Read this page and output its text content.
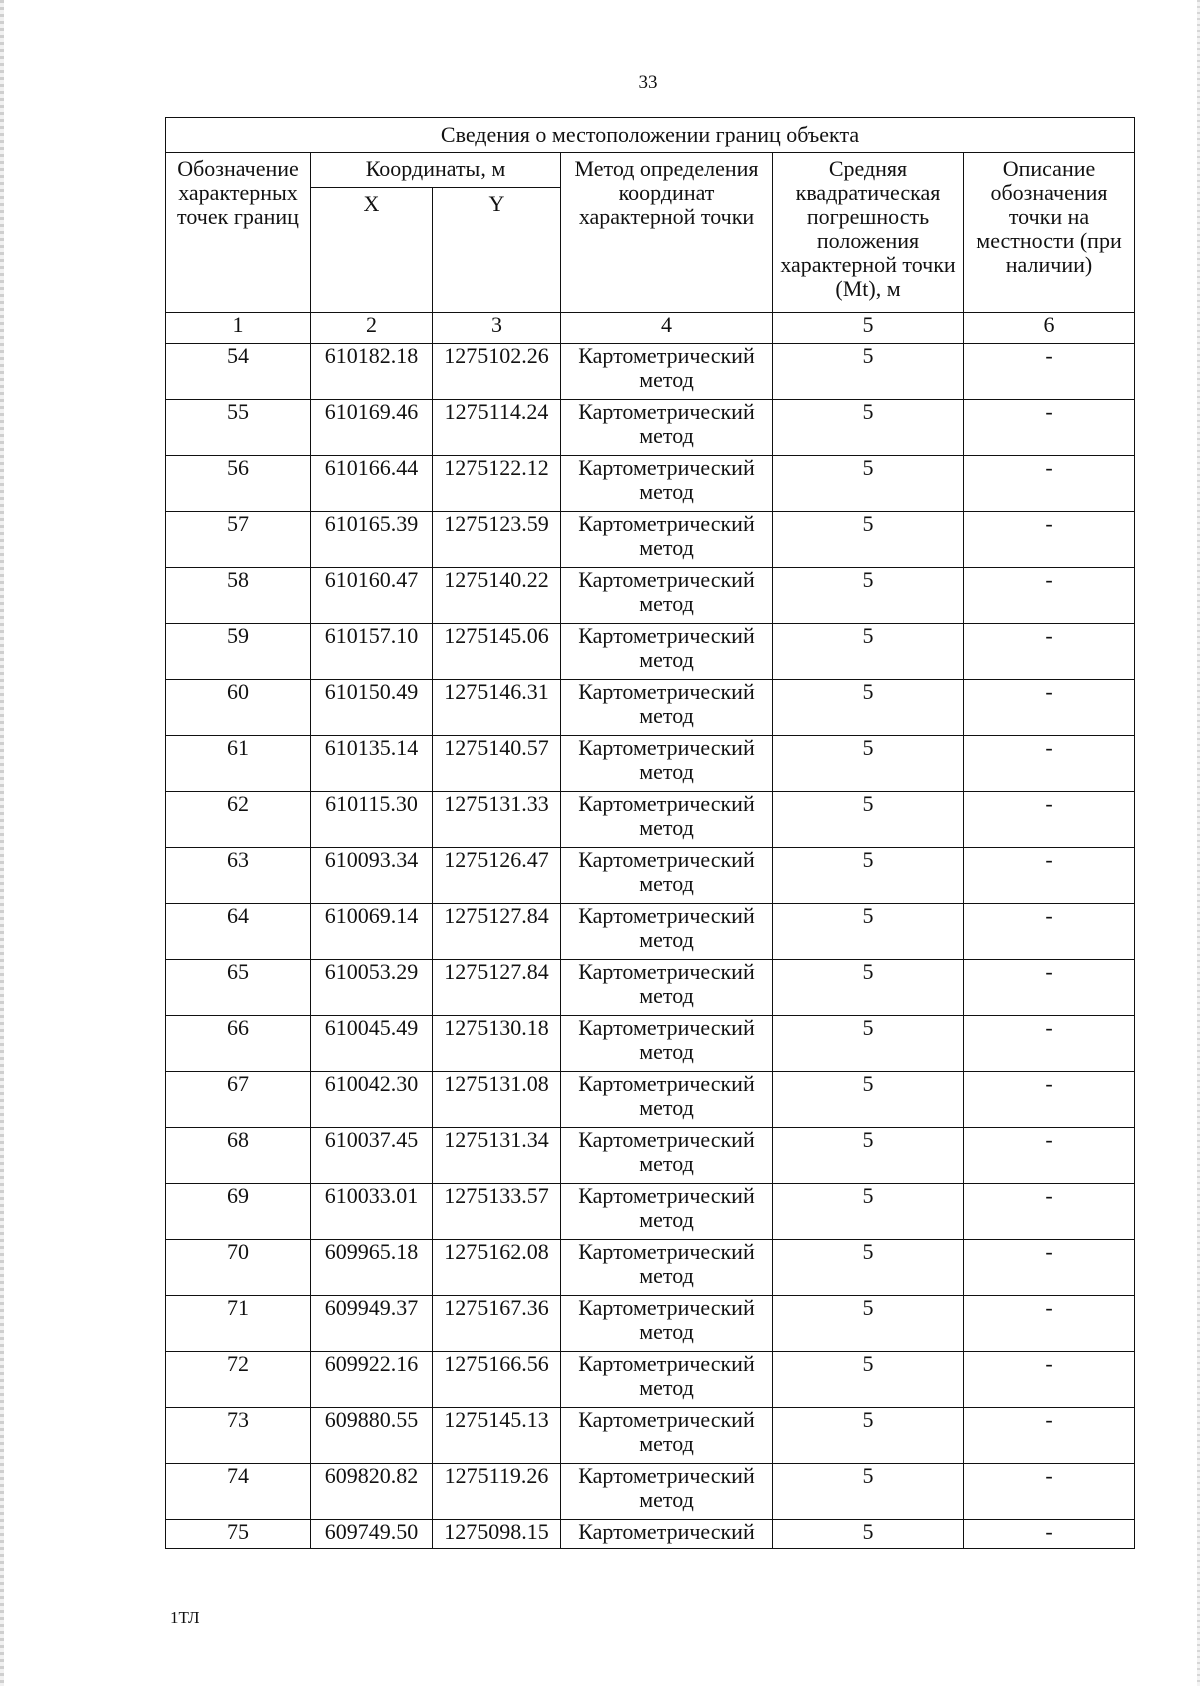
33
Сведения о местоположении границ объекта					
Обозначение характерных точек границ	Координаты, м		Метод определения координат характерной точки	Средняя квадратическая погрешность положения характерной точки (Mt), м	Описание обозначения точки на местности (при наличии)
	X	Y			
1	2	3	4	5	6
54	610182.18	1275102.26	Картометрический метод	5	-
55	610169.46	1275114.24	Картометрический метод	5	-
56	610166.44	1275122.12	Картометрический метод	5	-
57	610165.39	1275123.59	Картометрический метод	5	-
58	610160.47	1275140.22	Картометрический метод	5	-
59	610157.10	1275145.06	Картометрический метод	5	-
60	610150.49	1275146.31	Картометрический метод	5	-
61	610135.14	1275140.57	Картометрический метод	5	-
62	610115.30	1275131.33	Картометрический метод	5	-
63	610093.34	1275126.47	Картометрический метод	5	-
64	610069.14	1275127.84	Картометрический метод	5	-
65	610053.29	1275127.84	Картометрический метод	5	-
66	610045.49	1275130.18	Картометрический метод	5	-
67	610042.30	1275131.08	Картометрический метод	5	-
68	610037.45	1275131.34	Картометрический метод	5	-
69	610033.01	1275133.57	Картометрический метод	5	-
70	609965.18	1275162.08	Картометрический метод	5	-
71	609949.37	1275167.36	Картометрический метод	5	-
72	609922.16	1275166.56	Картометрический метод	5	-
73	609880.55	1275145.13	Картометрический метод	5	-
74	609820.82	1275119.26	Картометрический метод	5	-
75	609749.50	1275098.15	Картометрический	5	-
1ТЛ
